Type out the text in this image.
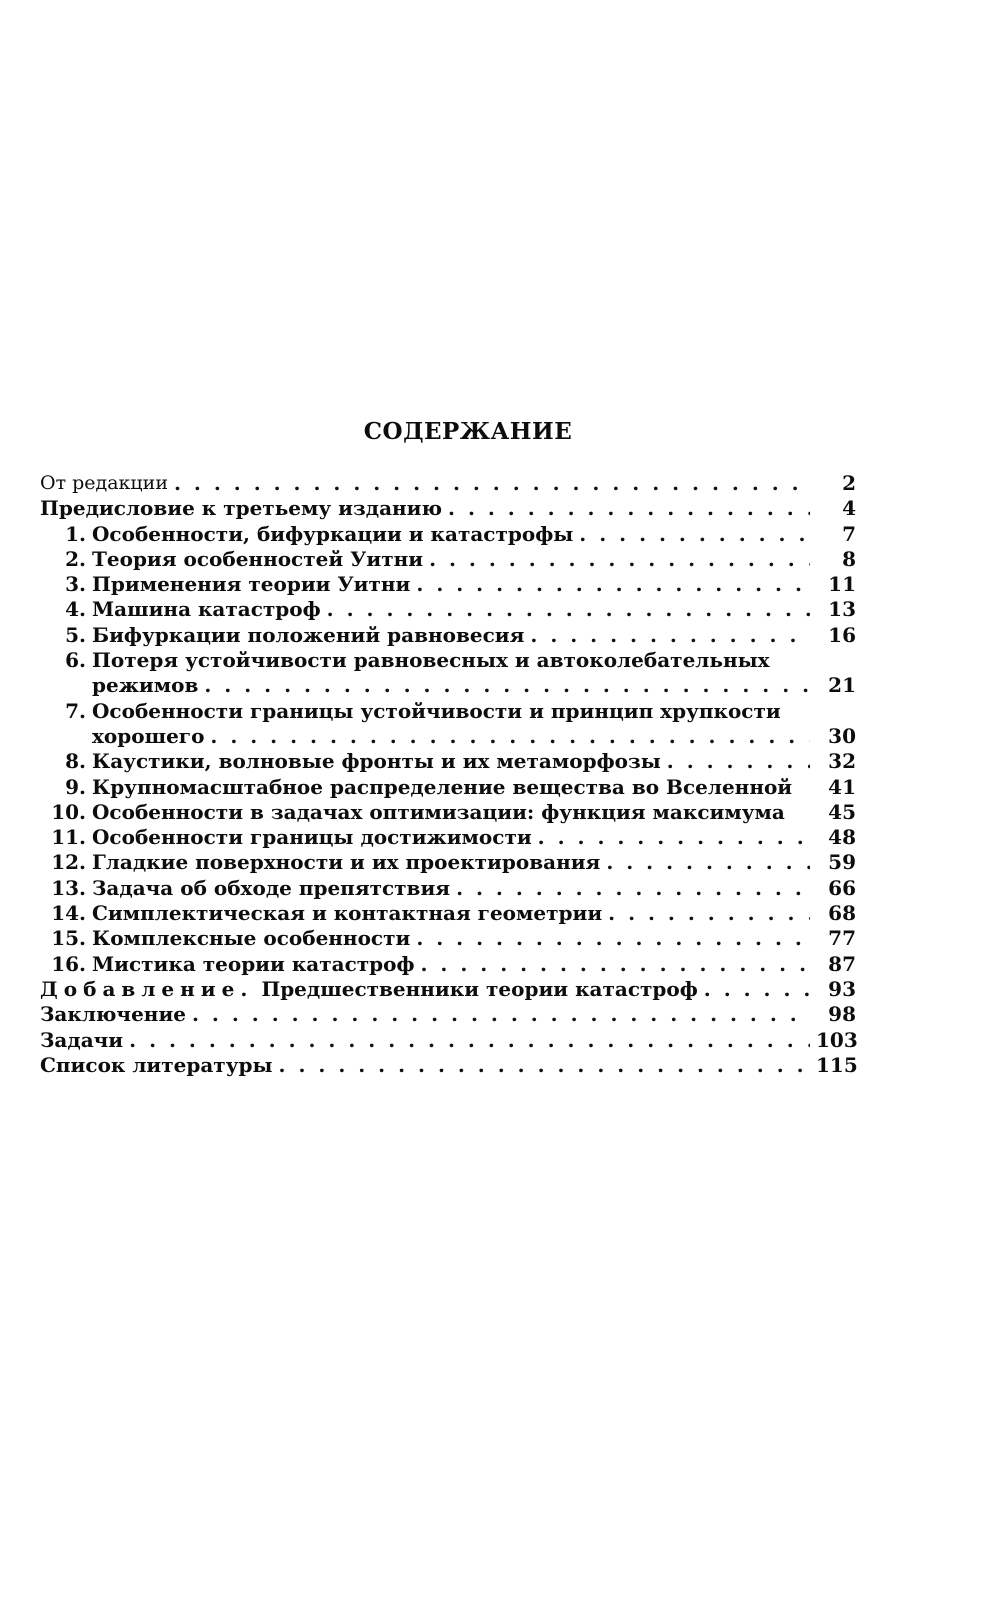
СОДЕРЖАНИЕ
От редакции . . .	2
Предисловие к третьему изданию . . .	4
1. Особенности, бифуркации и катастрофы . . .	7
2. Теория особенностей Уитни . . .	8
3. Применения теории Уитни . . .	11
4. Машина катастроф . . .	13
5. Бифуркации положений равновесия . . .	16
6. Потеря устойчивости равновесных и автоколебательных
режимов . . .	21
7. Особенности границы устойчивости и принцип хрупкости
хорошего . . .	30
8. Каустики, волновые фронты и их метаморфозы . . .	32
9. Крупномасштабное распределение вещества во Вселенной	41
10. Особенности в задачах оптимизации: функция максимума	45
11. Особенности границы достижимости . . .	48
12. Гладкие поверхности и их проектирования . . .	59
13. Задача об обходе препятствия . . .	66
14. Симплектическая и контактная геометрии . . .	68
15. Комплексные особенности . . .	77
16. Мистика теории катастроф . . .	87
Добавление. Предшественники теории катастроф . . .	93
Заключение . . .	98
Задачи . . .	103
Список литературы . . .	115
